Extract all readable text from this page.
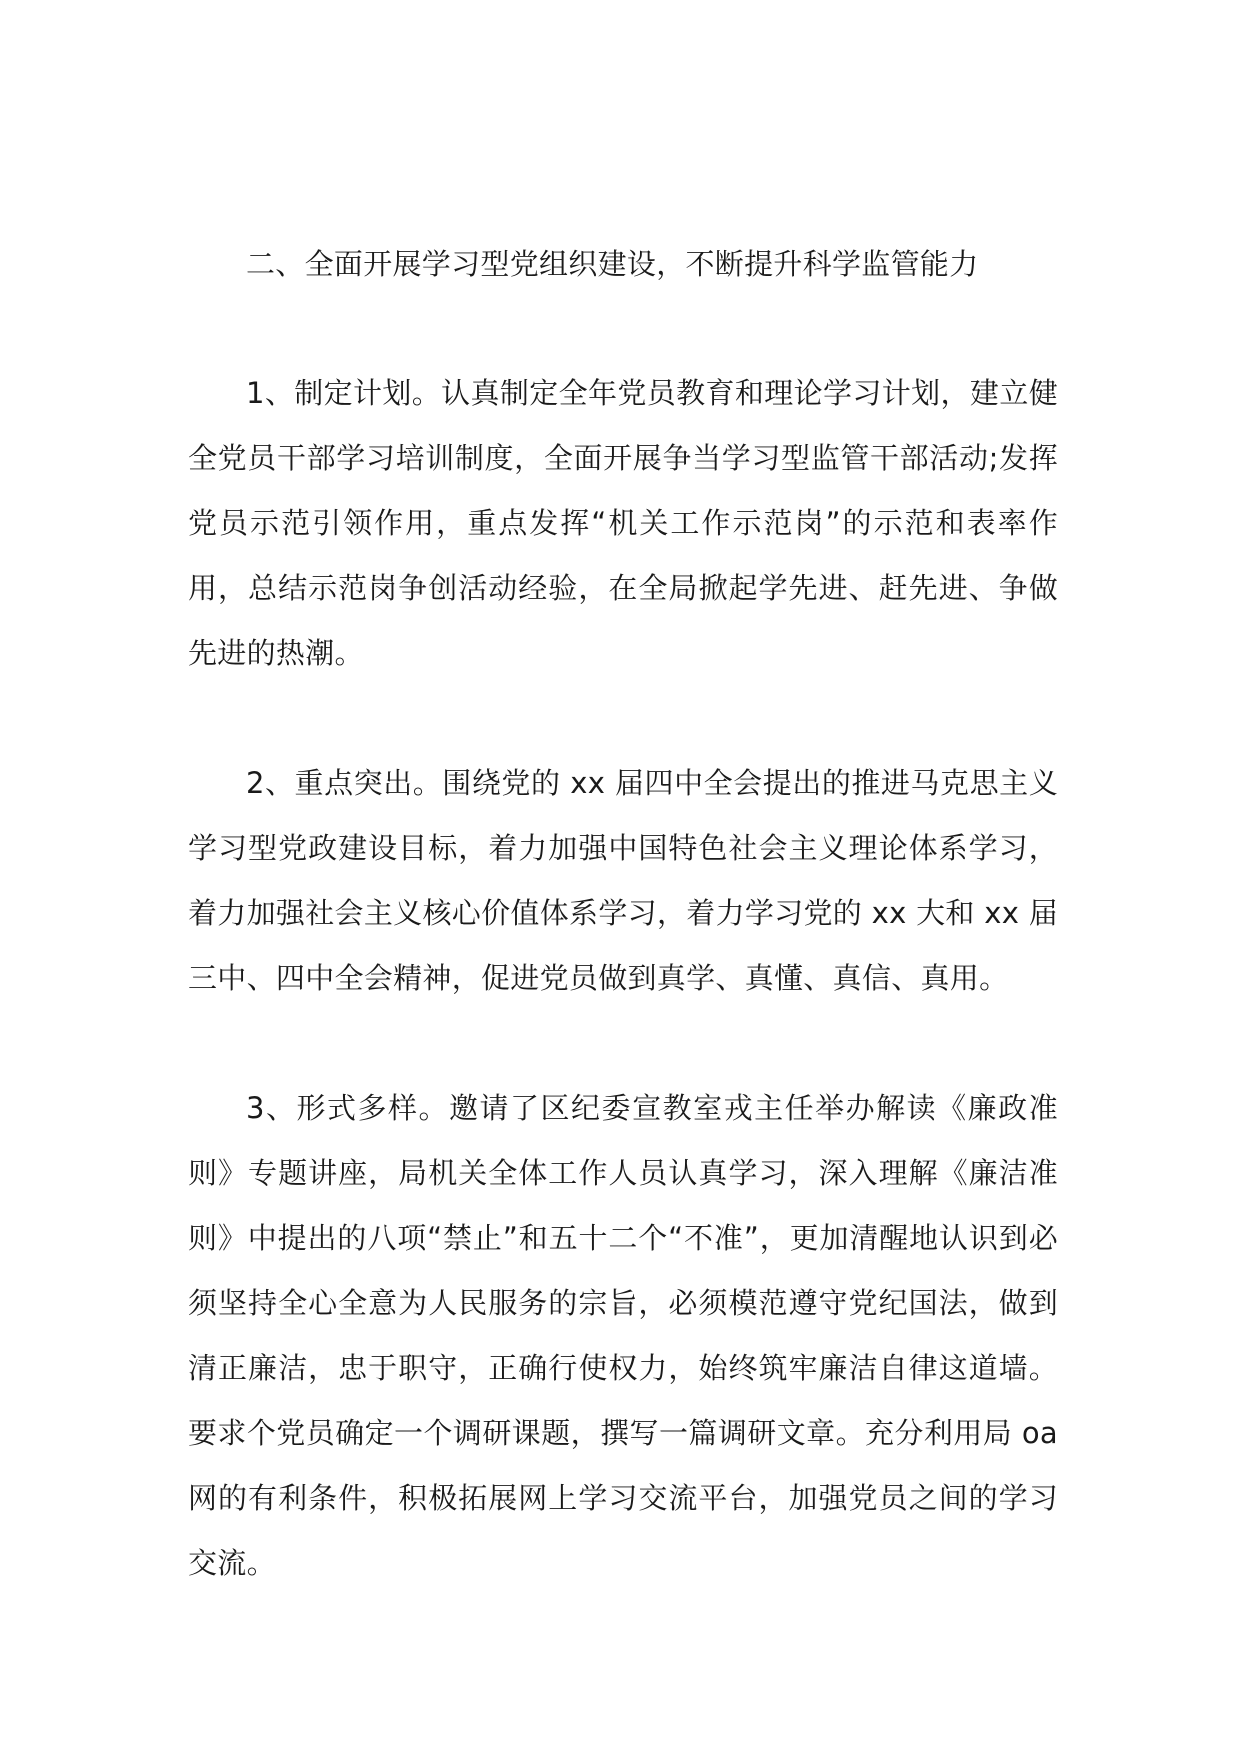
二、全面开展学习型党组织建设，不断提升科学监管能力

1、制定计划。认真制定全年党员教育和理论学习计划，建立健全党员干部学习培训制度，全面开展争当学习型监管干部活动;发挥党员示范引领作用，重点发挥“机关工作示范岗”的示范和表率作用，总结示范岗争创活动经验，在全局掀起学先进、赶先进、争做先进的热潮。

2、重点突出。围绕党的 xx 届四中全会提出的推进马克思主义学习型党政建设目标，着力加强中国特色社会主义理论体系学习，着力加强社会主义核心价值体系学习，着力学习党的 xx 大和 xx 届三中、四中全会精神，促进党员做到真学、真懂、真信、真用。

3、形式多样。邀请了区纪委宣教室戎主任举办解读《廉政准则》专题讲座，局机关全体工作人员认真学习，深入理解《廉洁准则》中提出的八项“禁止”和五十二个“不准”，更加清醒地认识到必须坚持全心全意为人民服务的宗旨，必须模范遵守党纪国法，做到清正廉洁，忠于职守，正确行使权力，始终筑牢廉洁自律这道墙。要求个党员确定一个调研课题，撰写一篇调研文章。充分利用局 oa 网的有利条件，积极拓展网上学习交流平台，加强党员之间的学习交流。
